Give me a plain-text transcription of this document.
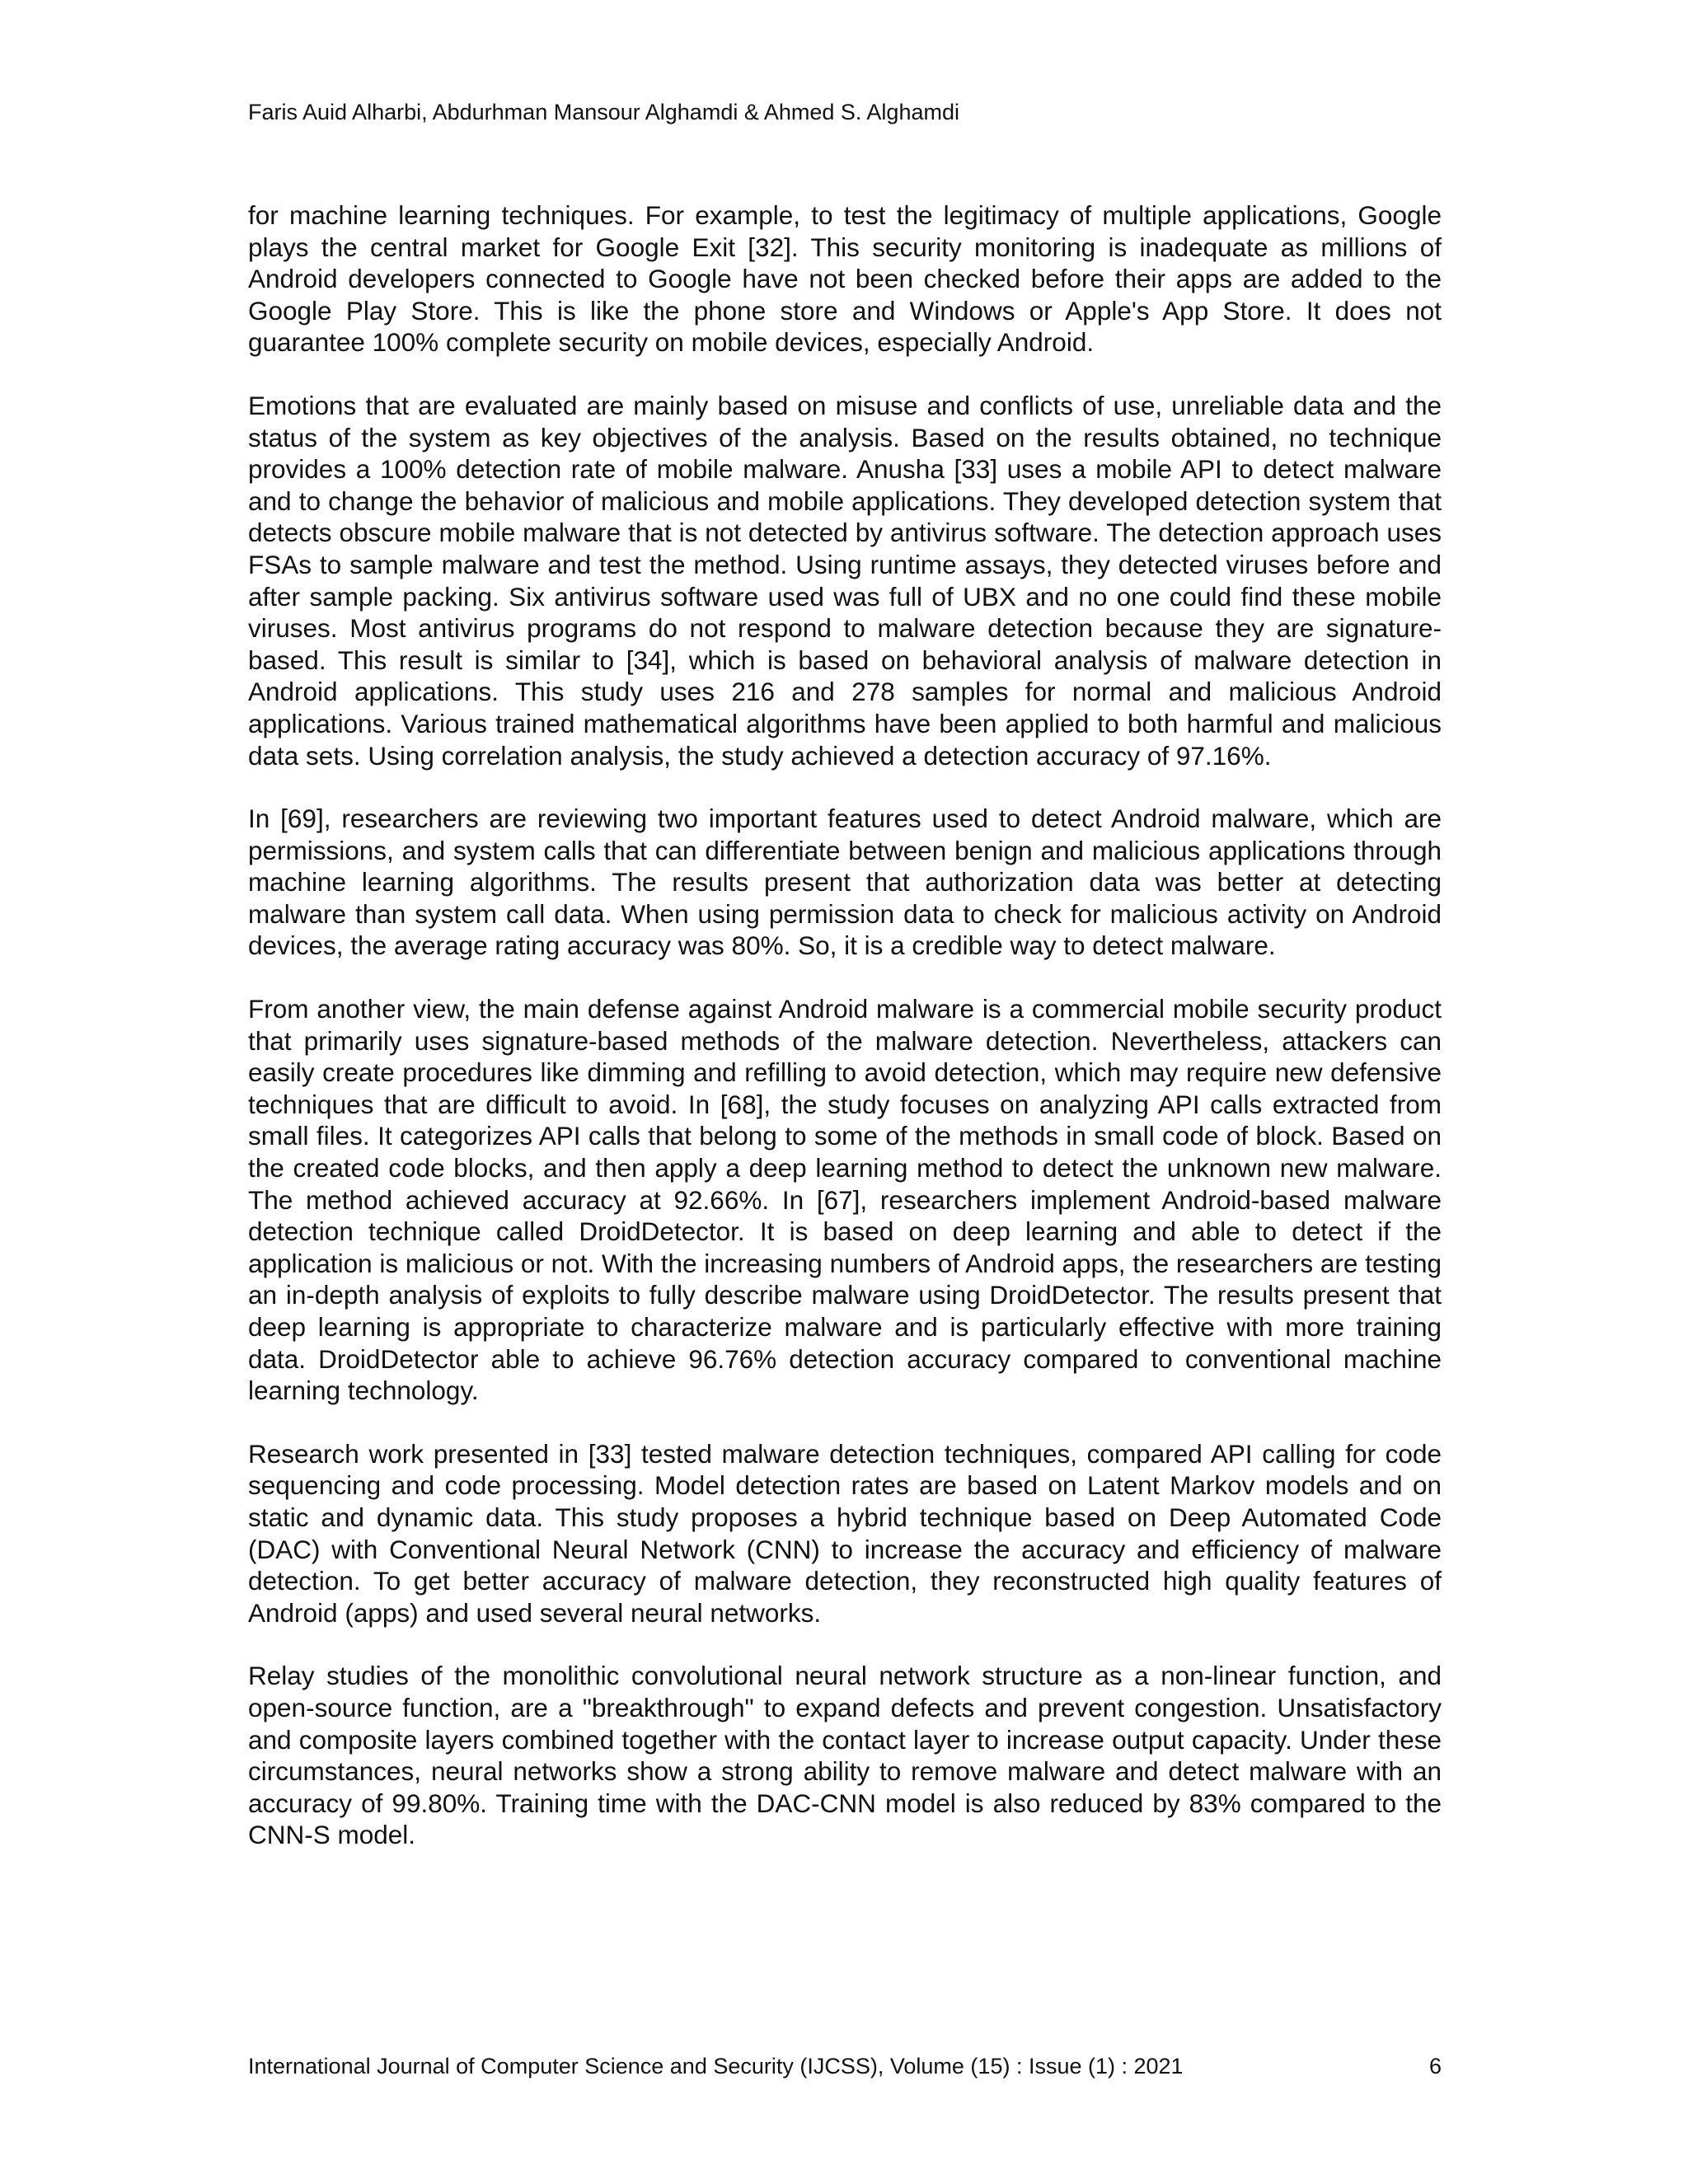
Faris Auid Alharbi, Abdurhman Mansour Alghamdi & Ahmed S. Alghamdi

for machine learning techniques. For example, to test the legitimacy of multiple applications, Google plays the central market for Google Exit [32]. This security monitoring is inadequate as millions of Android developers connected to Google have not been checked before their apps are added to the Google Play Store. This is like the phone store and Windows or Apple's App Store. It does not guarantee 100% complete security on mobile devices, especially Android.

Emotions that are evaluated are mainly based on misuse and conflicts of use, unreliable data and the status of the system as key objectives of the analysis. Based on the results obtained, no technique provides a 100% detection rate of mobile malware. Anusha [33] uses a mobile API to detect malware and to change the behavior of malicious and mobile applications. They developed detection system that detects obscure mobile malware that is not detected by antivirus software. The detection approach uses FSAs to sample malware and test the method. Using runtime assays, they detected viruses before and after sample packing. Six antivirus software used was full of UBX and no one could find these mobile viruses. Most antivirus programs do not respond to malware detection because they are signature-based. This result is similar to [34], which is based on behavioral analysis of malware detection in Android applications. This study uses 216 and 278 samples for normal and malicious Android applications. Various trained mathematical algorithms have been applied to both harmful and malicious data sets. Using correlation analysis, the study achieved a detection accuracy of 97.16%.

In [69], researchers are reviewing two important features used to detect Android malware, which are permissions, and system calls that can differentiate between benign and malicious applications through machine learning algorithms. The results present that authorization data was better at detecting malware than system call data. When using permission data to check for malicious activity on Android devices, the average rating accuracy was 80%. So, it is a credible way to detect malware.

From another view, the main defense against Android malware is a commercial mobile security product that primarily uses signature-based methods of the malware detection. Nevertheless, attackers can easily create procedures like dimming and refilling to avoid detection, which may require new defensive techniques that are difficult to avoid. In [68], the study focuses on analyzing API calls extracted from small files. It categorizes API calls that belong to some of the methods in small code of block. Based on the created code blocks, and then apply a deep learning method to detect the unknown new malware. The method achieved accuracy at 92.66%. In [67], researchers implement Android-based malware detection technique called DroidDetector. It is based on deep learning and able to detect if the application is malicious or not. With the increasing numbers of Android apps, the researchers are testing an in-depth analysis of exploits to fully describe malware using DroidDetector. The results present that deep learning is appropriate to characterize malware and is particularly effective with more training data. DroidDetector able to achieve 96.76% detection accuracy compared to conventional machine learning technology.

Research work presented in [33] tested malware detection techniques, compared API calling for code sequencing and code processing. Model detection rates are based on Latent Markov models and on static and dynamic data. This study proposes a hybrid technique based on Deep Automated Code (DAC) with Conventional Neural Network (CNN) to increase the accuracy and efficiency of malware detection. To get better accuracy of malware detection, they reconstructed high quality features of Android (apps) and used several neural networks.

Relay studies of the monolithic convolutional neural network structure as a non-linear function, and open-source function, are a "breakthrough" to expand defects and prevent congestion. Unsatisfactory and composite layers combined together with the contact layer to increase output capacity. Under these circumstances, neural networks show a strong ability to remove malware and detect malware with an accuracy of 99.80%. Training time with the DAC-CNN model is also reduced by 83% compared to the CNN-S model.

International Journal of Computer Science and Security (IJCSS), Volume (15) : Issue (1) : 2021	6
